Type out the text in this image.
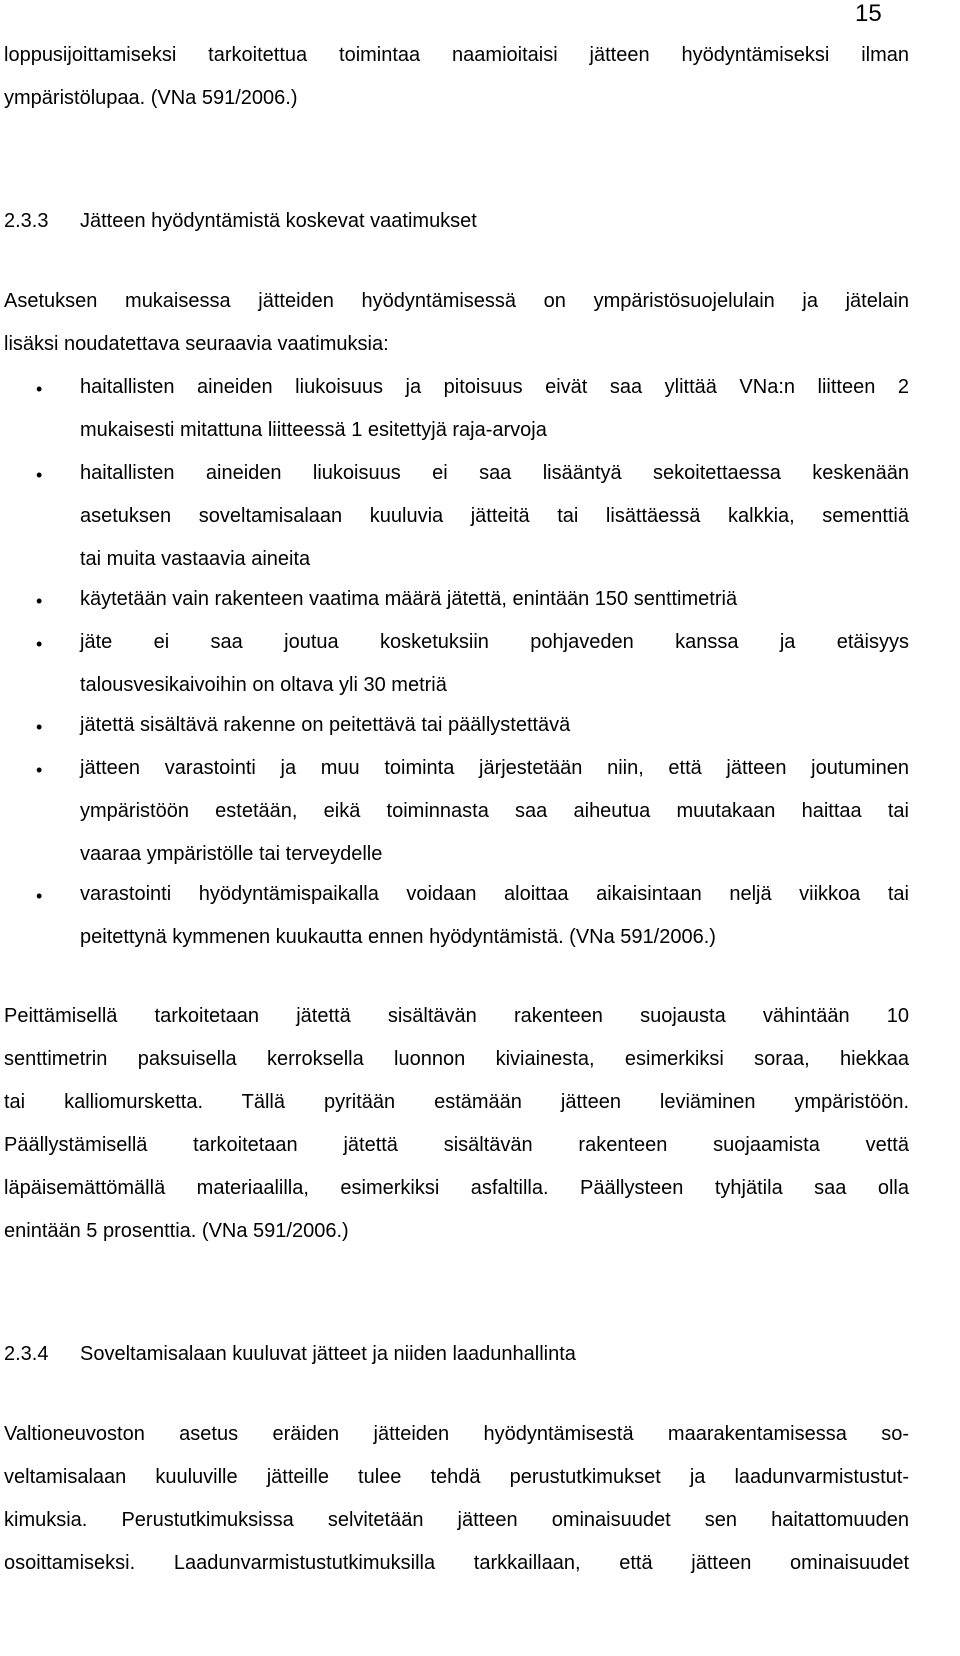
15
loppusijoittamiseksi tarkoitettua toimintaa naamioitaisi jätteen hyödyntämiseksi ilman
ympäristölupaa. (VNa 591/2006.)
2.3.3 Jätteen hyödyntämistä koskevat vaatimukset
Asetuksen mukaisessa jätteiden hyödyntämisessä on ympäristösuojelulain ja jätelain
lisäksi noudatettava seuraavia vaatimuksia:
• haitallisten aineiden liukoisuus ja pitoisuus eivät saa ylittää VNa:n liitteen 2
mukaisesti mitattuna liitteessä 1 esitettyjä raja-arvoja
• haitallisten aineiden liukoisuus ei saa lisääntyä sekoitettaessa keskenään
asetuksen soveltamisalaan kuuluvia jätteitä tai lisättäessä kalkkia, sementtiä
tai muita vastaavia aineita
• käytetään vain rakenteen vaatima määrä jätettä, enintään 150 senttimetriä
• jäte ei saa joutua kosketuksiin pohjaveden kanssa ja etäisyys
talousvesikaivoihin on oltava yli 30 metriä
• jätettä sisältävä rakenne on peitettävä tai päällystettävä
• jätteen varastointi ja muu toiminta järjestetään niin, että jätteen joutuminen
ympäristöön estetään, eikä toiminnasta saa aiheutua muutakaan haittaa tai
vaaraa ympäristölle tai terveydelle
• varastointi hyödyntämispaikalla voidaan aloittaa aikaisintaan neljä viikkoa tai
peitettynä kymmenen kuukautta ennen hyödyntämistä. (VNa 591/2006.)
Peittämisellä tarkoitetaan jätettä sisältävän rakenteen suojausta vähintään 10
senttimetrin paksuisella kerroksella luonnon kiviainesta, esimerkiksi soraa, hiekkaa
tai kalliomursketta. Tällä pyritään estämään jätteen leviäminen ympäristöön.
Päällystämisellä tarkoitetaan jätettä sisältävän rakenteen suojaamista vettä
läpäisemättömällä materiaalilla, esimerkiksi asfaltilla. Päällysteen tyhjätila saa olla
enintään 5 prosenttia. (VNa 591/2006.)
2.3.4 Soveltamisalaan kuuluvat jätteet ja niiden laadunhallinta
Valtioneuvoston asetus eräiden jätteiden hyödyntämisestä maarakentamisessa so-
veltamisalaan kuuluville jätteille tulee tehdä perustutkimukset ja laadunvarmistustut-
kimuksia. Perustutkimuksissa selvitetään jätteen ominaisuudet sen haitattomuuden
osoittamiseksi. Laadunvarmistustutkimuksilla tarkkaillaan, että jätteen ominaisuudet
